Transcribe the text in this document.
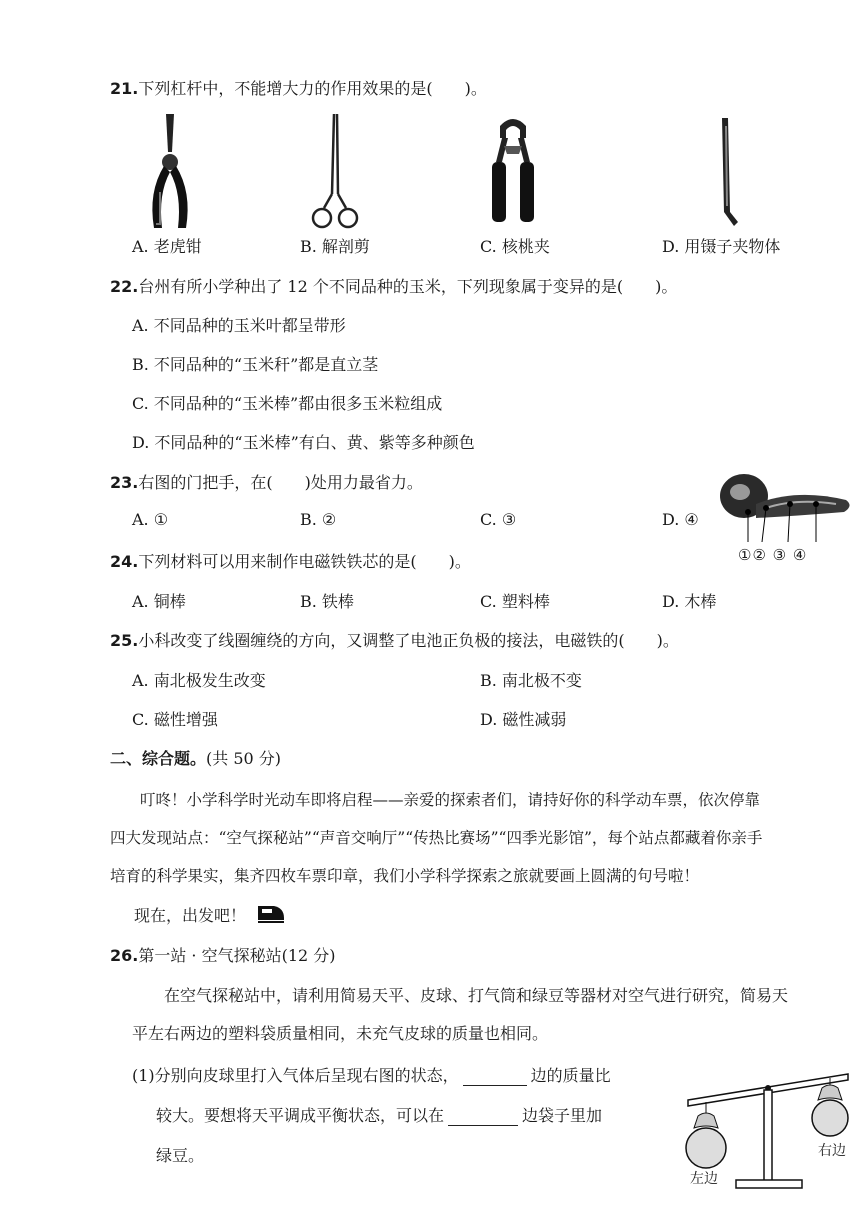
21.下列杠杆中，不能增大力的作用效果的是(　　)。
A. 老虎钳	B. 解剖剪	C. 核桃夹	D. 用镊子夹物体
22.台州有所小学种出了 12 个不同品种的玉米，下列现象属于变异的是(　　)。
A. 不同品种的玉米叶都呈带形
B. 不同品种的“玉米秆”都是直立茎
C. 不同品种的“玉米棒”都由很多玉米粒组成
D. 不同品种的“玉米棒”有白、黄、紫等多种颜色
23.右图的门把手，在(　　)处用力最省力。
A. ①	B. ②	C. ③	D. ④
①② ③ ④
24.下列材料可以用来制作电磁铁铁芯的是(　　)。
A. 铜棒	B. 铁棒	C. 塑料棒	D. 木棒
25.小科改变了线圈缠绕的方向，又调整了电池正负极的接法，电磁铁的(　　)。
A. 南北极发生改变	B. 南北极不变
C. 磁性增强	D. 磁性减弱
二、综合题。(共 50 分)
叮咚！小学科学时光动车即将启程——亲爱的探索者们，请持好你的科学动车票，依次停靠
四大发现站点：“空气探秘站”“声音交响厅”“传热比赛场”“四季光影馆”，每个站点都藏着你亲手
培育的科学果实，集齐四枚车票印章，我们小学科学探索之旅就要画上圆满的句号啦！
现在，出发吧！
26.第一站 · 空气探秘站(12 分)
在空气探秘站中，请利用简易天平、皮球、打气筒和绿豆等器材对空气进行研究，简易天
平左右两边的塑料袋质量相同，未充气皮球的质量也相同。
(1)分别向皮球里打入气体后呈现右图的状态，	边的质量比
较大。要想将天平调成平衡状态，可以在	边袋子里加
绿豆。
左边
右边
